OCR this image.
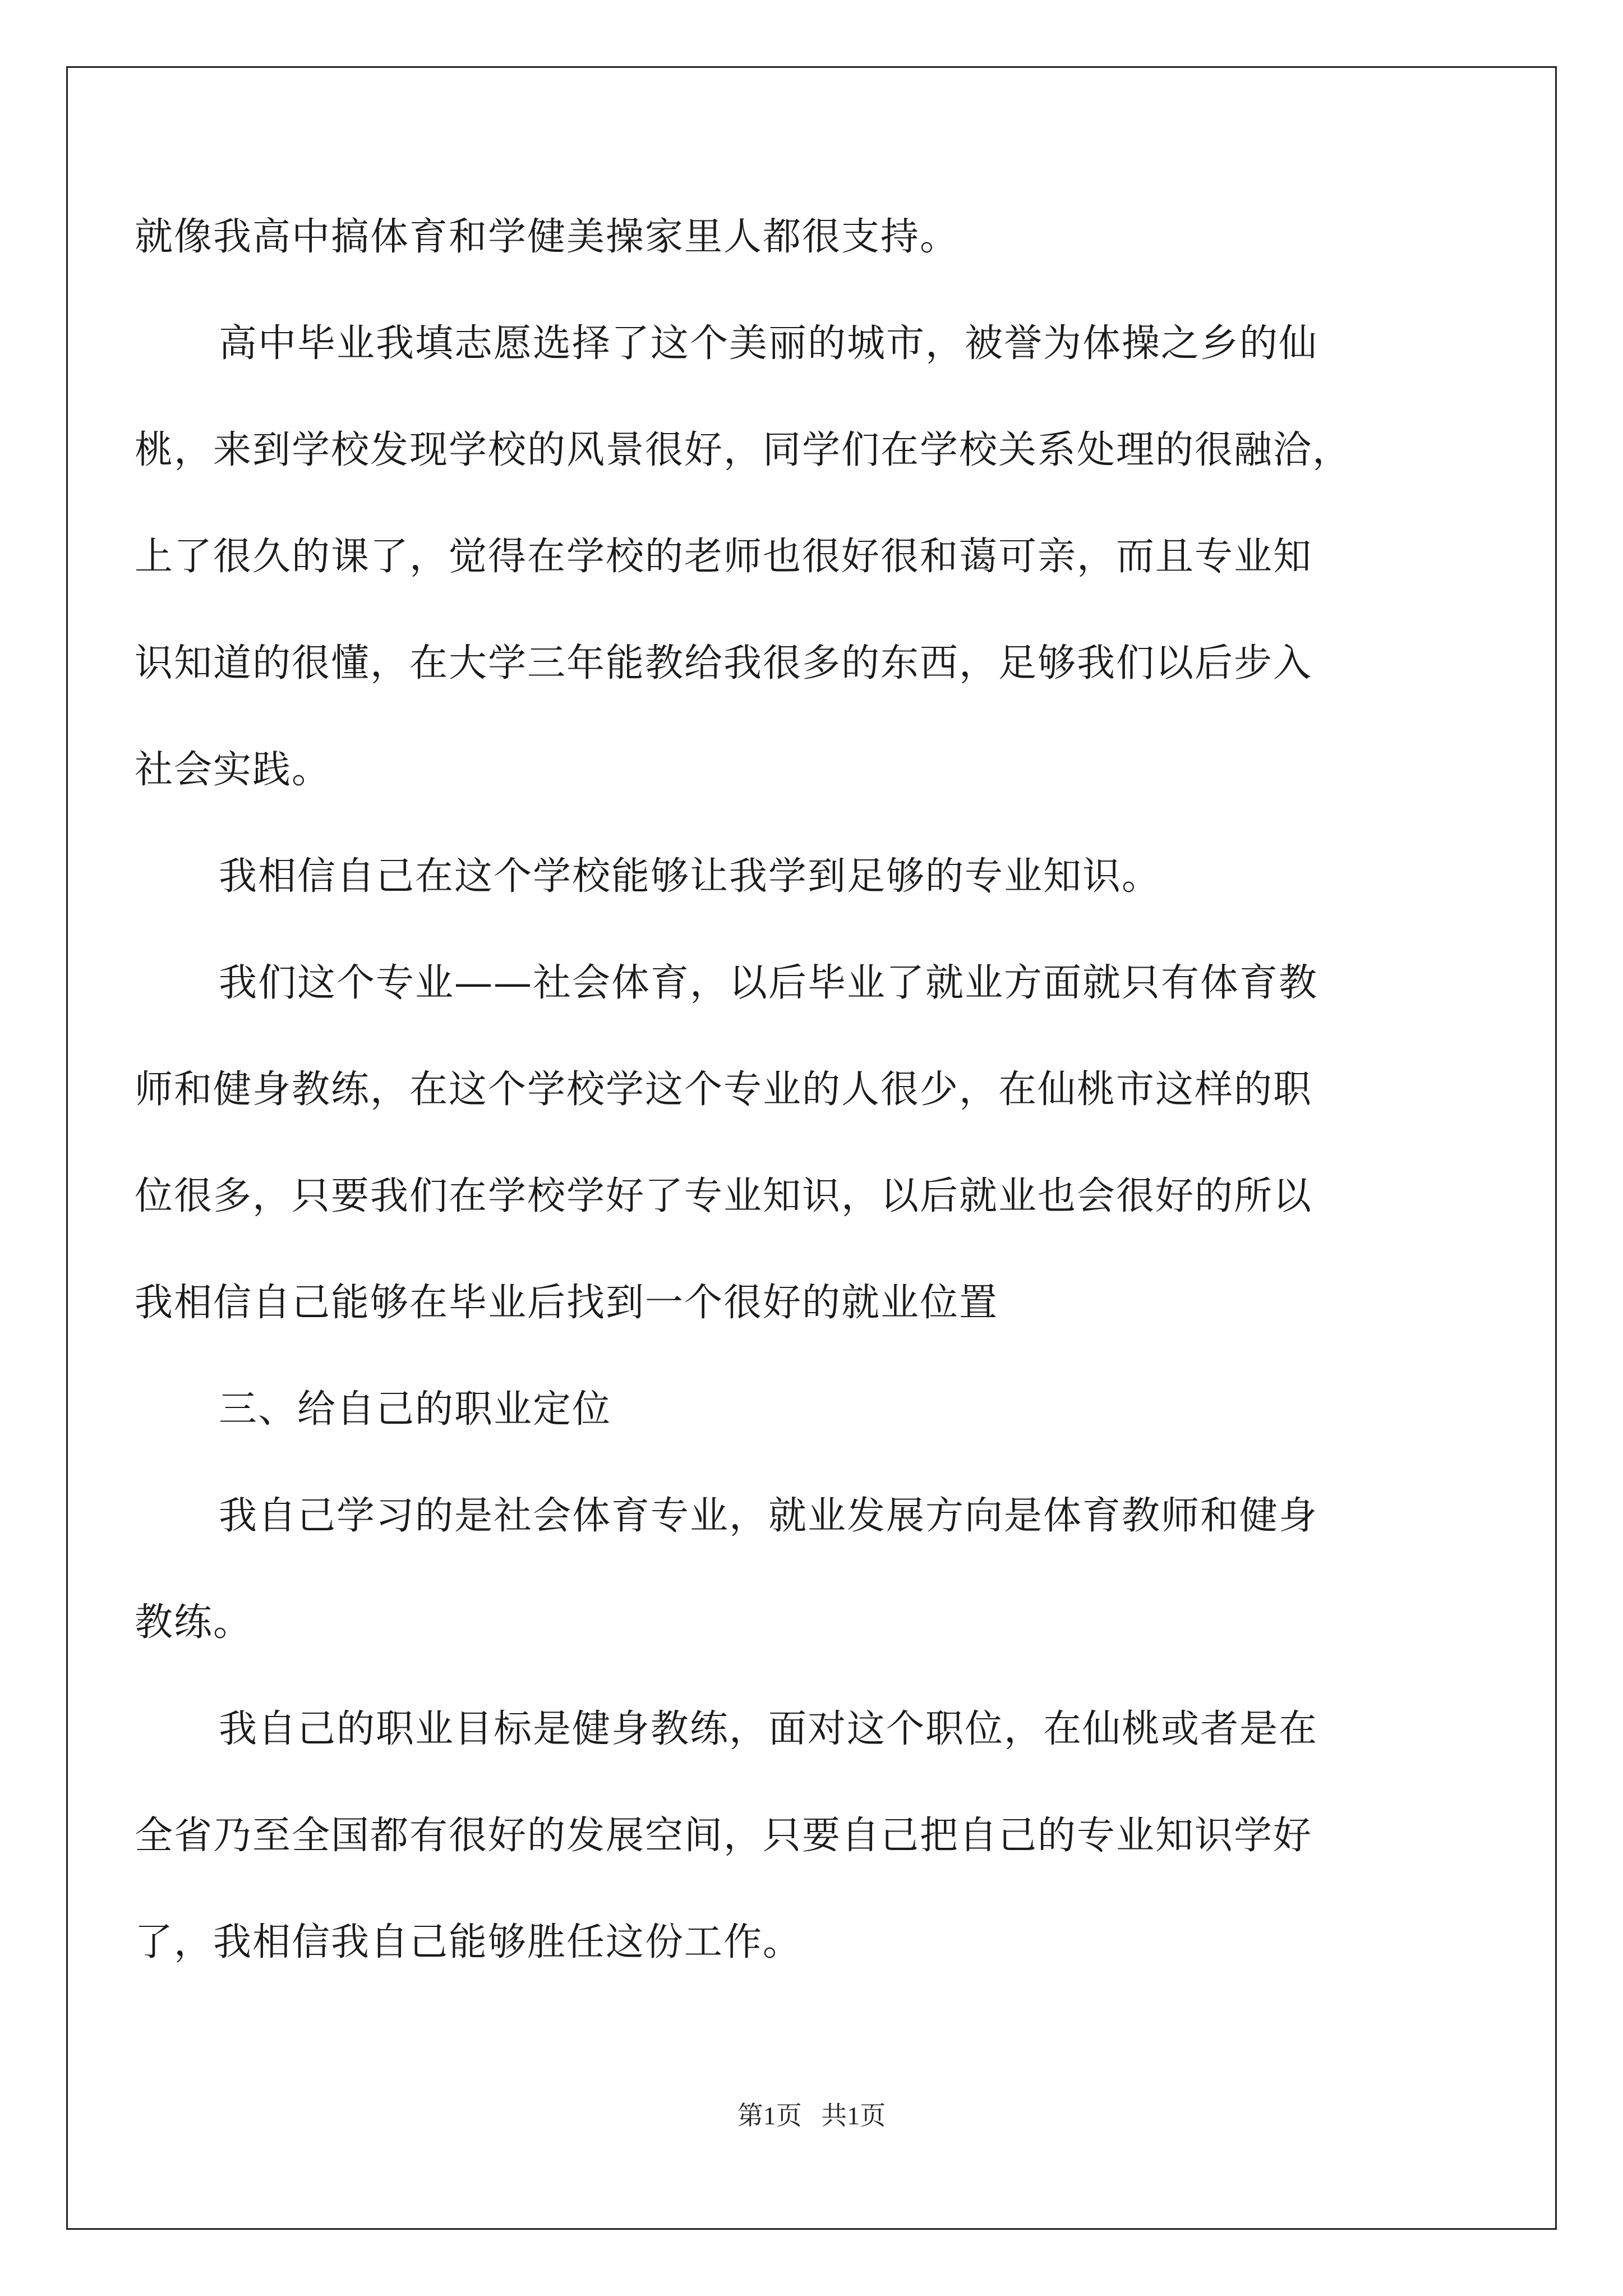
就像我高中搞体育和学健美操家里人都很支持。
高中毕业我填志愿选择了这个美丽的城市，被誉为体操之乡的仙
桃，来到学校发现学校的风景很好，同学们在学校关系处理的很融洽，
上了很久的课了，觉得在学校的老师也很好很和蔼可亲，而且专业知
识知道的很懂，在大学三年能教给我很多的东西，足够我们以后步入
社会实践。
我相信自己在这个学校能够让我学到足够的专业知识。
我们这个专业——社会体育，以后毕业了就业方面就只有体育教
师和健身教练，在这个学校学这个专业的人很少，在仙桃市这样的职
位很多，只要我们在学校学好了专业知识，以后就业也会很好的所以
我相信自己能够在毕业后找到一个很好的就业位置
三、给自己的职业定位
我自己学习的是社会体育专业，就业发展方向是体育教师和健身
教练。
我自己的职业目标是健身教练，面对这个职位，在仙桃或者是在
全省乃至全国都有很好的发展空间，只要自己把自己的专业知识学好
了，我相信我自己能够胜任这份工作。
第1页   共1页
